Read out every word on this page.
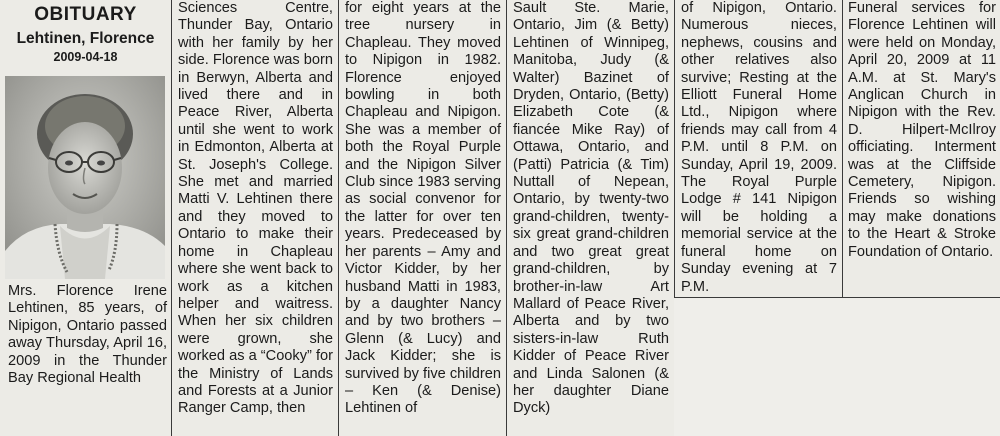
OBITUARY
Lehtinen, Florence
2009-04-18

Mrs. Florence Irene Lehtinen, 85 years, of Nipigon, Ontario passed away Thursday, April 16, 2009 in the Thunder Bay Regional Health

Sciences Centre, Thunder Bay, Ontario with her family by her side. Florence was born in Berwyn, Alberta and lived there and in Peace River, Alberta until she went to work in Edmonton, Alberta at St. Joseph's College. She met and married Matti V. Lehtinen there and they moved to Ontario to make their home in Chapleau where she went back to work as a kitchen helper and waitress. When her six children were grown, she worked as a “Cooky” for the Ministry of Lands and Forests at a Junior Ranger Camp, then

for eight years at the tree nursery in Chapleau. They moved to Nipigon in 1982. Florence enjoyed bowling in both Chapleau and Nipigon. She was a member of both the Royal Purple and the Nipigon Silver Club since 1983 serving as social convenor for the latter for over ten years. Predeceased by her parents – Amy and Victor Kidder, by her husband Matti in 1983, by a daughter Nancy and by two brothers – Glenn (& Lucy) and Jack Kidder; she is survived by five children – Ken (& Denise) Lehtinen of

Sault Ste. Marie, Ontario, Jim (& Betty) Lehtinen of Winnipeg, Manitoba, Judy (& Walter) Bazinet of Dryden, Ontario, (Betty) Elizabeth Cote (& fiancée Mike Ray) of Ottawa, Ontario, and (Patti) Patricia (& Tim) Nuttall of Nepean, Ontario, by twenty-two grand-children, twenty-six great grand-children and two great great grand-children, by brother-in-law Art Mallard of Peace River, Alberta and by two sisters-in-law Ruth Kidder of Peace River and Linda Salonen (& her daughter Diane Dyck)

of Nipigon, Ontario. Numerous nieces, nephews, cousins and other relatives also survive; Resting at the Elliott Funeral Home Ltd., Nipigon where friends may call from 4 P.M. until 8 P.M. on Sunday, April 19, 2009. The Royal Purple Lodge # 141 Nipigon will be holding a memorial service at the funeral home on Sunday evening at 7 P.M.

Funeral services for Florence Lehtinen will were held on Monday, April 20, 2009 at 11 A.M. at St. Mary's Anglican Church in Nipigon with the Rev. D. Hilpert-McIlroy officiating. Interment was at the Cliffside Cemetery, Nipigon. Friends so wishing may make donations to the Heart & Stroke Foundation of Ontario.
